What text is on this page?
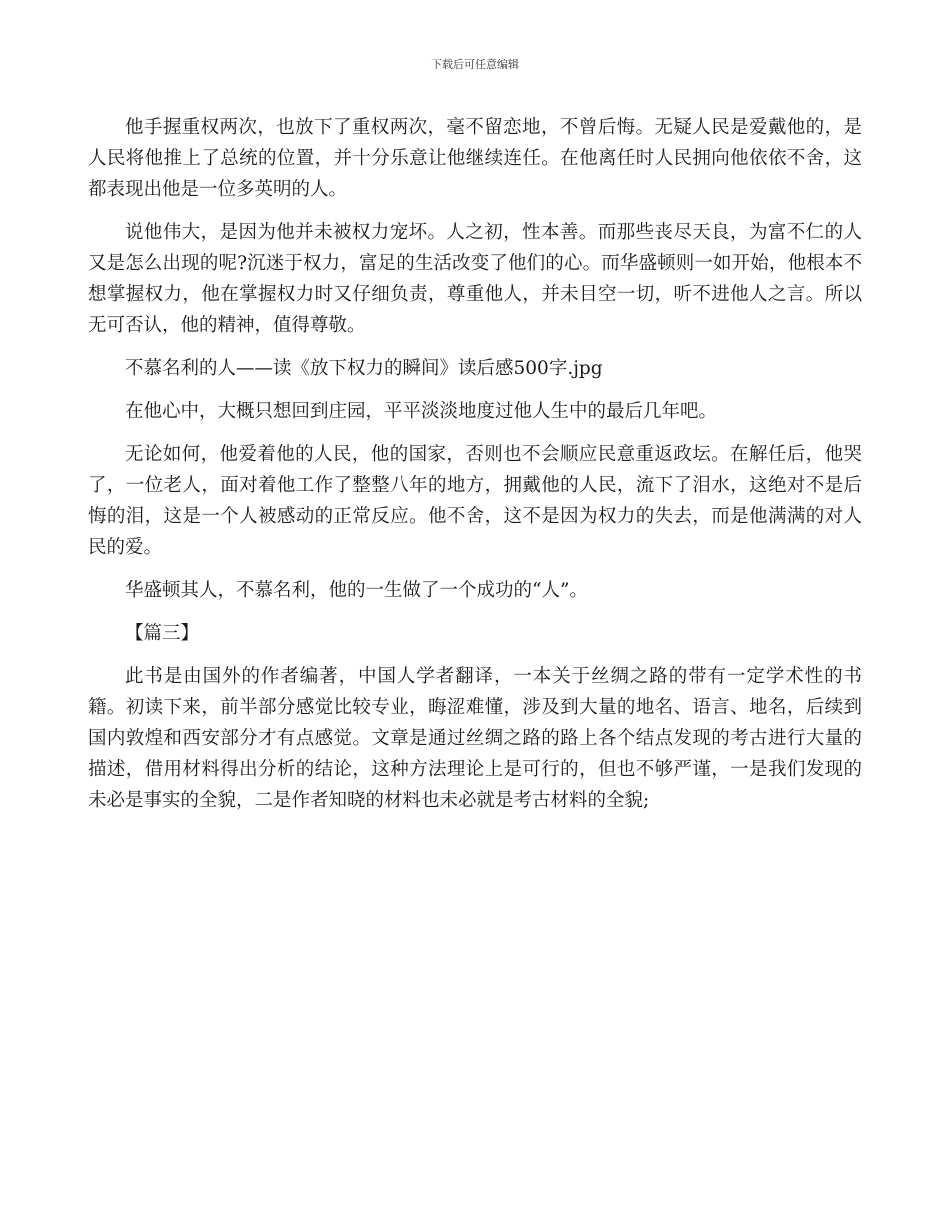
下载后可任意编辑

他手握重权两次，也放下了重权两次，毫不留恋地，不曾后悔。无疑人民是爱戴他的，是人民将他推上了总统的位置，并十分乐意让他继续连任。在他离任时人民拥向他依依不舍，这都表现出他是一位多英明的人。

说他伟大，是因为他并未被权力宠坏。人之初，性本善。而那些丧尽天良，为富不仁的人又是怎么出现的呢?沉迷于权力，富足的生活改变了他们的心。而华盛顿则一如开始，他根本不想掌握权力，他在掌握权力时又仔细负责，尊重他人，并未目空一切，听不进他人之言。所以无可否认，他的精神，值得尊敬。

不慕名利的人——读《放下权力的瞬间》读后感500字.jpg

在他心中，大概只想回到庄园，平平淡淡地度过他人生中的最后几年吧。

无论如何，他爱着他的人民，他的国家，否则也不会顺应民意重返政坛。在解任后，他哭了，一位老人，面对着他工作了整整八年的地方，拥戴他的人民，流下了泪水，这绝对不是后悔的泪，这是一个人被感动的正常反应。他不舍，这不是因为权力的失去，而是他满满的对人民的爱。

华盛顿其人，不慕名利，他的一生做了一个成功的“人”。

【篇三】

此书是由国外的作者编著，中国人学者翻译，一本关于丝绸之路的带有一定学术性的书籍。初读下来，前半部分感觉比较专业，晦涩难懂，涉及到大量的地名、语言、地名，后续到国内敦煌和西安部分才有点感觉。文章是通过丝绸之路的路上各个结点发现的考古进行大量的描述，借用材料得出分析的结论，这种方法理论上是可行的，但也不够严谨，一是我们发现的未必是事实的全貌，二是作者知晓的材料也未必就是考古材料的全貌;
